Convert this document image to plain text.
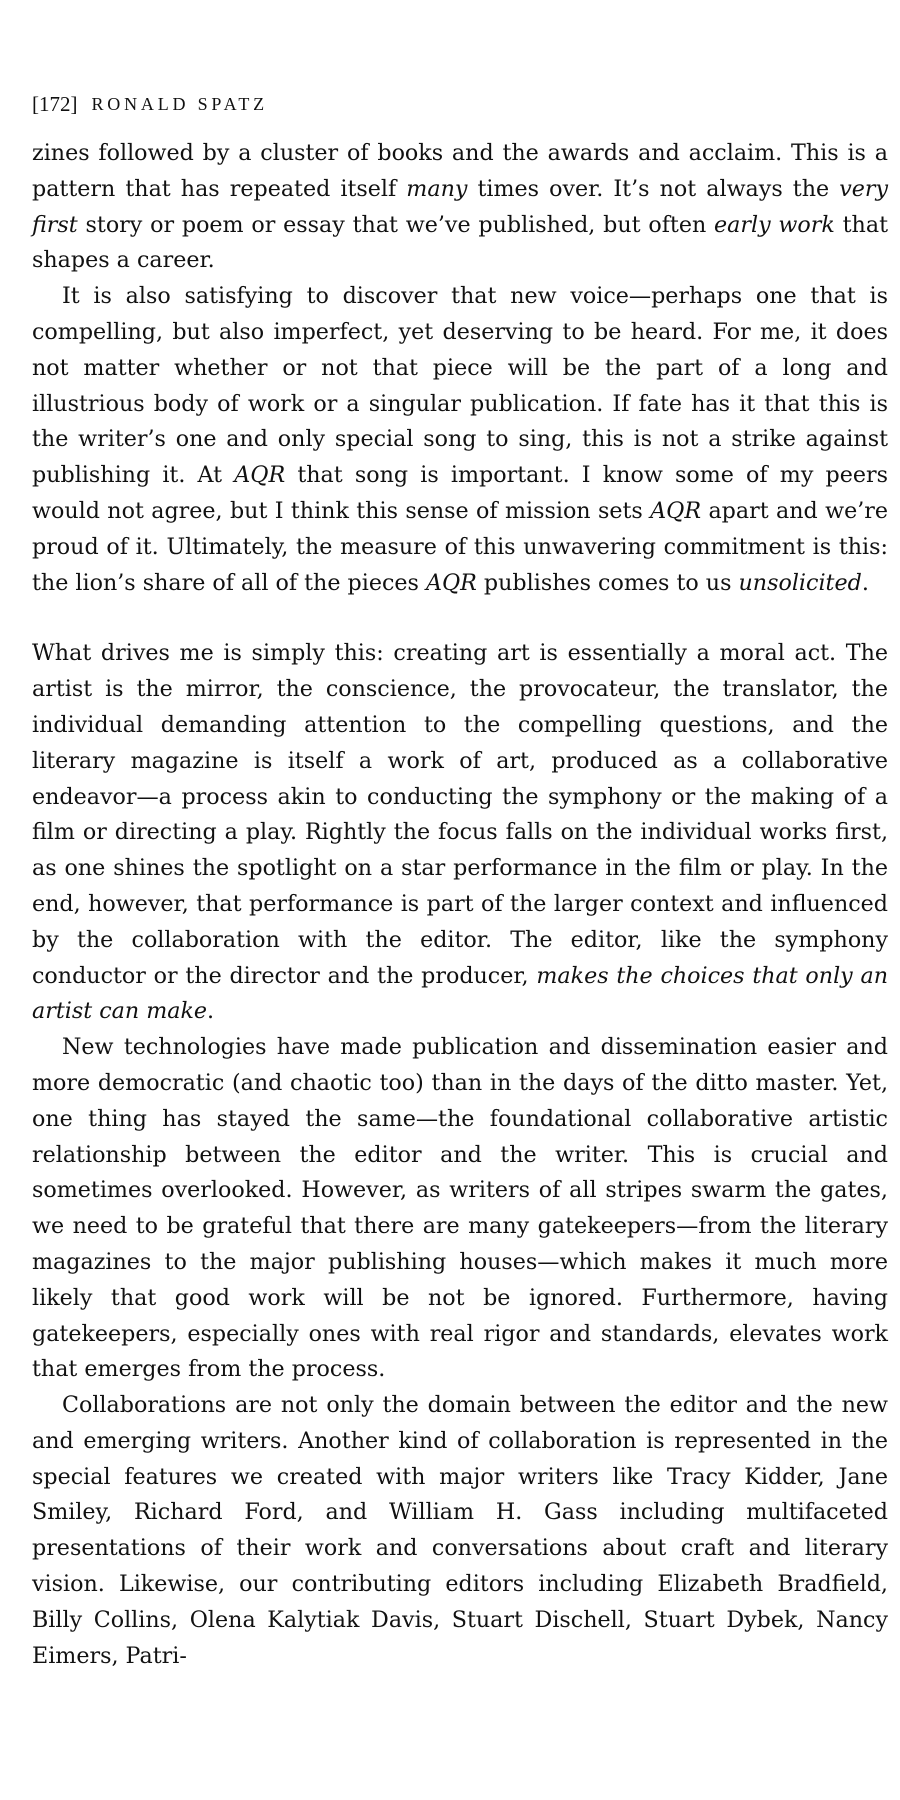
[172] RONALD SPATZ

zines followed by a cluster of books and the awards and acclaim. This is a pattern that has repeated itself many times over. It’s not always the very first story or poem or essay that we’ve published, but often early work that shapes a career.

It is also satisfying to discover that new voice—perhaps one that is compelling, but also imperfect, yet deserving to be heard. For me, it does not matter whether or not that piece will be the part of a long and illustrious body of work or a singular publication. If fate has it that this is the writer’s one and only special song to sing, this is not a strike against publishing it. At AQR that song is important. I know some of my peers would not agree, but I think this sense of mission sets AQR apart and we’re proud of it. Ultimately, the measure of this unwavering commitment is this: the lion’s share of all of the pieces AQR publishes comes to us unsolicited.

What drives me is simply this: creating art is essentially a moral act. The artist is the mirror, the conscience, the provocateur, the translator, the individual demanding attention to the compelling questions, and the literary magazine is itself a work of art, produced as a collaborative endeavor—a process akin to conducting the symphony or the making of a film or directing a play. Rightly the focus falls on the individual works first, as one shines the spotlight on a star performance in the film or play. In the end, however, that performance is part of the larger context and influenced by the collaboration with the editor. The editor, like the symphony conductor or the director and the producer, makes the choices that only an artist can make.

New technologies have made publication and dissemination easier and more democratic (and chaotic too) than in the days of the ditto master. Yet, one thing has stayed the same—the foundational collaborative artistic relationship between the editor and the writer. This is crucial and sometimes overlooked. However, as writers of all stripes swarm the gates, we need to be grateful that there are many gatekeepers—from the literary magazines to the major publishing houses—which makes it much more likely that good work will be not be ignored. Furthermore, having gatekeepers, especially ones with real rigor and standards, elevates work that emerges from the process.

Collaborations are not only the domain between the editor and the new and emerging writers. Another kind of collaboration is represented in the special features we created with major writers like Tracy Kidder, Jane Smiley, Richard Ford, and William H. Gass including multifaceted presentations of their work and conversations about craft and literary vision. Likewise, our contributing editors including Elizabeth Bradfield, Billy Collins, Olena Kalytiak Davis, Stuart Dischell, Stuart Dybek, Nancy Eimers, Patri-
